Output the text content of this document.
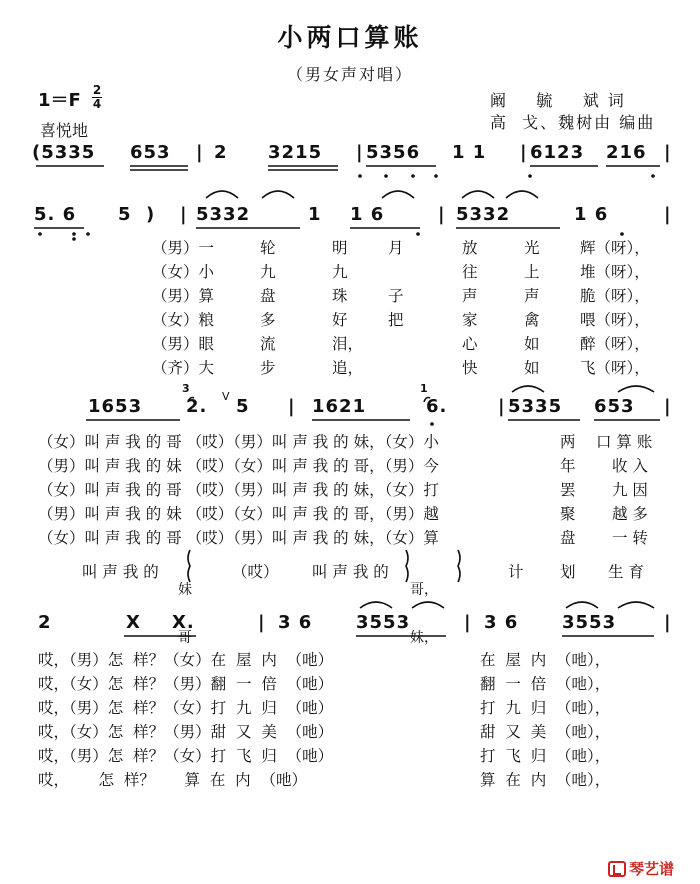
小两口算账
（男女声对唱）
1＝F 2
4
喜悦地
阚    毓    斌 词
高  戈、魏树由 编曲
(5335 653 | 2 3215 | 5356 1 1 | 6123 216 |
5. 6 5 ) | 5332	1 1 6	| 5332	1 6	|
1653 2. 5 | 1621	6.	| 5335 653 |
2	X X.	| 3 6 3553	| 3 6 3553	|
（男）一	轮	明	月	放	光	辉（呀），
（女）小	九	九	往	上	堆（呀），
（男）算	盘	珠	子	声	声	脆（呀），
（女）粮	多	好	把	家	禽	喂（呀），
（男）眼	流	泪，	心	如	醉（呀），
（齐）大	步	追，	快	如	飞（呀），
（女）叫 声 我 的 哥 （哎）（男）叫 声 我 的 妹，（女）小	两 口 算 账
（男）叫 声 我 的 妹 （哎）（女）叫 声 我 的 哥，（男）今	年 收 入
（女）叫 声 我 的 哥 （哎）（男）叫 声 我 的 妹，（女）打	罢 九 因
（男）叫 声 我 的 妹 （哎）（女）叫 声 我 的 哥，（男）越	聚 越 多
（女）叫 声 我 的 哥 （哎）（男）叫 声 我 的 妹，（女）算	盘 一 转
叫 声 我 的	（哎） 叫 声 我 的	计 划 生 育
哎，（男）怎  样？（女）在  屋  内  （吔）	在  屋  内  （吔），
哎，（女）怎  样？（男）翻  一  倍  （吔）	翻  一  倍  （吔），
哎，（男）怎  样？（女）打  九  归  （吔）	打  九  归  （吔），
哎，（女）怎  样？（男）甜  又  美  （吔）	甜  又  美  （吔），
哎，（男）怎  样？（女）打  飞  归  （吔）	打  飞  归  （吔），
哎，      怎  样？      算  在  内  （吔）	算  在  内  （吔），

妹

哥

哥，

妹，

3	1
V
琴艺谱
